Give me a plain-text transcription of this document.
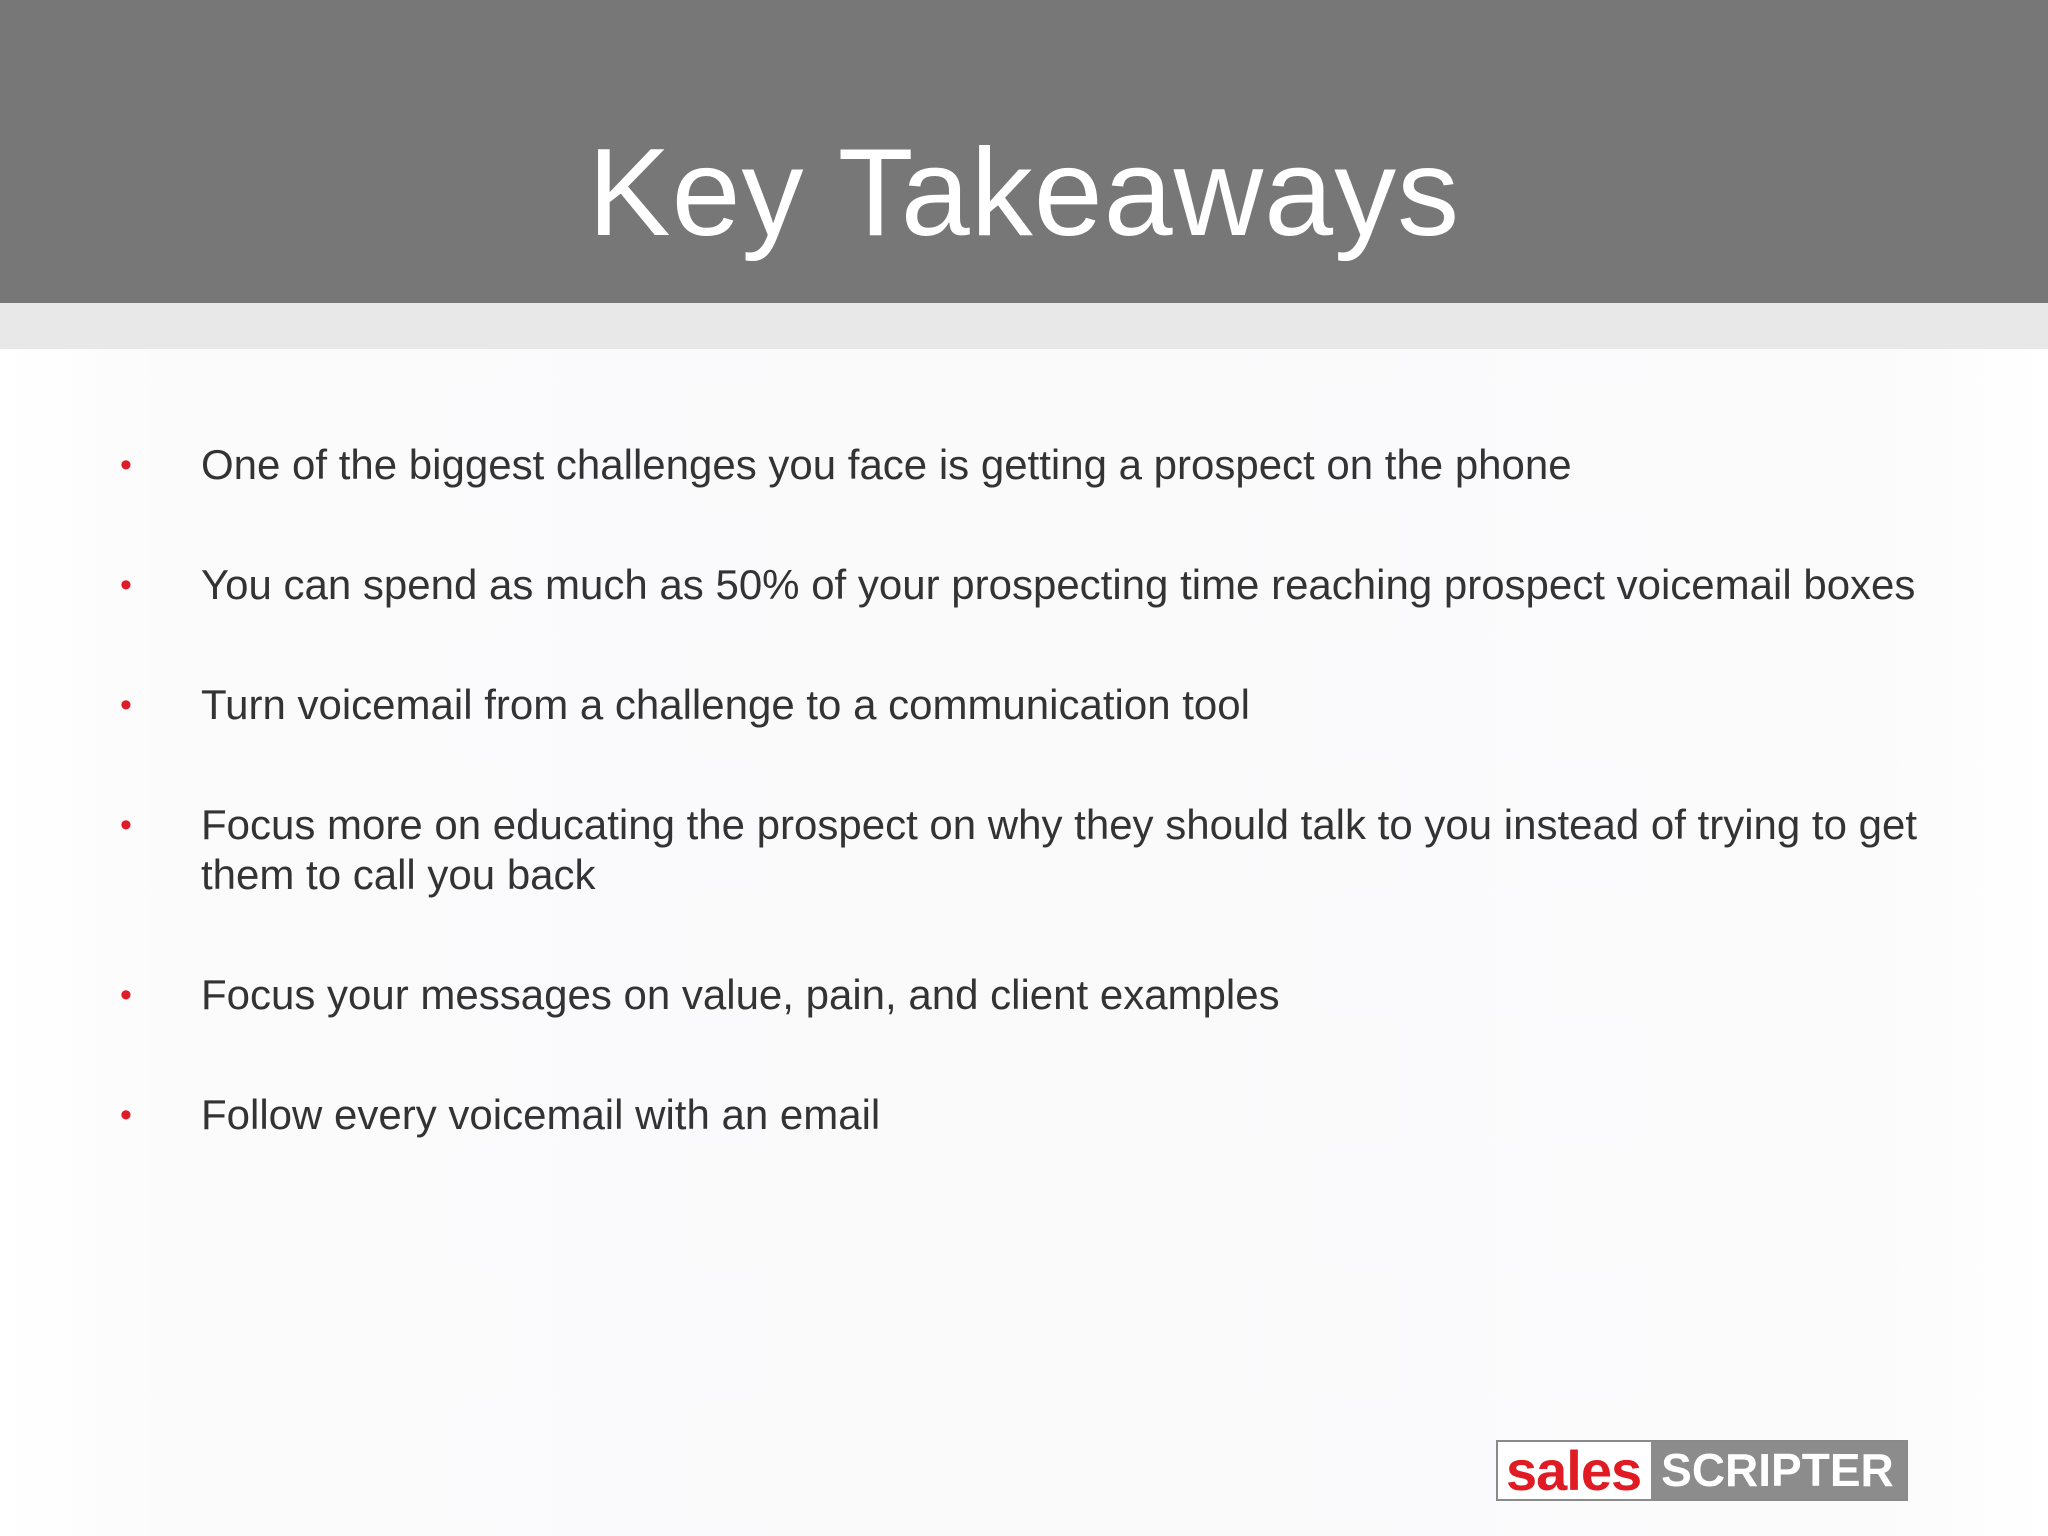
Key Takeaways
• One of the biggest challenges you face is getting a prospect on the phone
• You can spend as much as 50% of your prospecting time reaching prospect voicemail boxes
• Turn voicemail from a challenge to a communication tool
• Focus more on educating the prospect on why they should talk to you instead of trying to get them to call you back
• Focus your messages on value, pain, and client examples
• Follow every voicemail with an email
sales SCRIPTER
